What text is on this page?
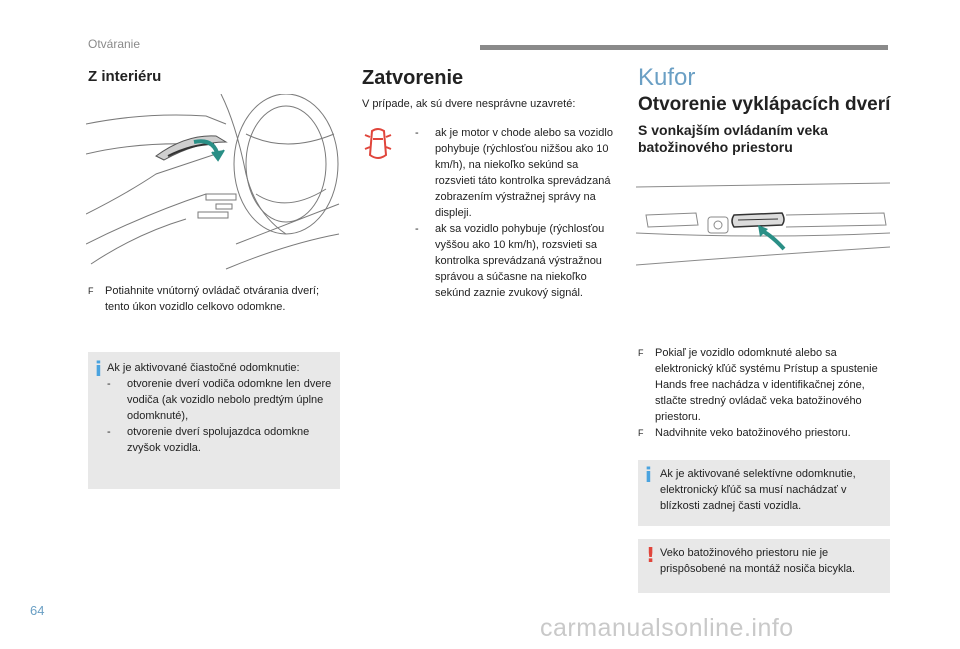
Otváranie
Z interiéru
F	Potiahnite vnútorný ovládač otvárania dverí; tento úkon vozidlo celkovo odomkne.
i Ak je aktivované čiastočné odomknutie:
-	otvorenie dverí vodiča odomkne len dvere vodiča (ak vozidlo nebolo predtým úplne odomknuté),
-	otvorenie dverí spolujazdca odomkne zvyšok vozidla.
Zatvorenie
V prípade, ak sú dvere nesprávne uzavreté:
-	ak je motor v chode alebo sa vozidlo pohybuje (rýchlosťou nižšou ako 10 km/h), na niekoľko sekúnd sa rozsvieti táto kontrolka sprevádzaná zobrazením výstražnej správy na displeji.
-	ak sa vozidlo pohybuje (rýchlosťou vyššou ako 10 km/h), rozsvieti sa kontrolka sprevádzaná výstražnou správou a súčasne na niekoľko sekúnd zaznie zvukový signál.
Kufor
Otvorenie vyklápacích dverí
S vonkajším ovládaním veka batožinového priestoru
F	Pokiaľ je vozidlo odomknuté alebo sa elektronický kľúč systému Prístup a spustenie Hands free nachádza v identifikačnej zóne, stlačte stredný ovládač veka batožinového priestoru.
F	Nadvihnite veko batožinového priestoru.
i Ak je aktivované selektívne odomknutie, elektronický kľúč sa musí nachádzať v blízkosti zadnej časti vozidla.
! Veko batožinového priestoru nie je prispôsobené na montáž nosiča bicykla.
64
carmanualsonline.info
